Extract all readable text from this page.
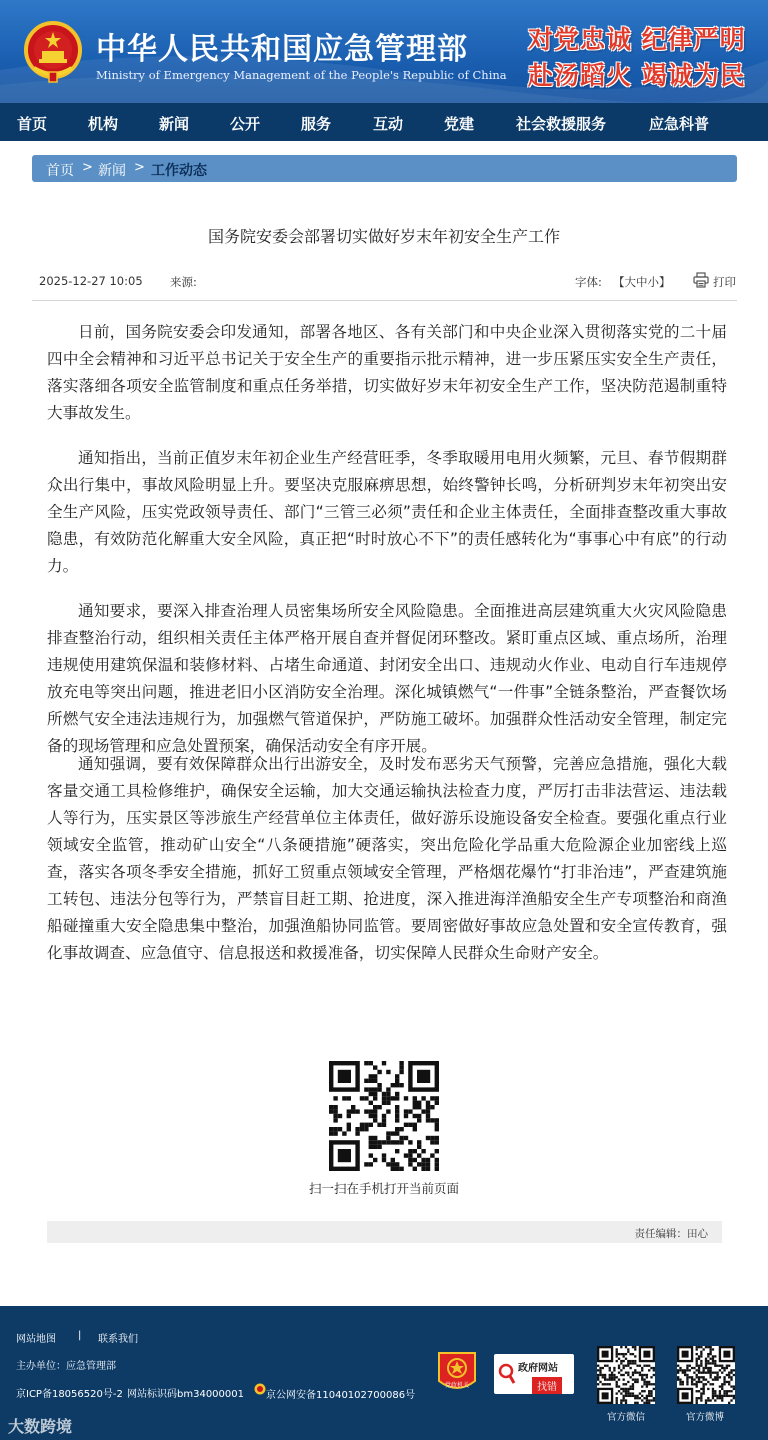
中华人民共和国应急管理部
Ministry of Emergency Management of the People's Republic of China
对党忠诚 纪律严明
赴汤蹈火 竭诚为民
首页	机构	新闻	公开	服务	互动	党建	社会救援服务	应急科普
首页 > 新闻 > 工作动态
国务院安委会部署切实做好岁末年初安全生产工作
2025-12-27 10:05 来源:	字体: 【大中小】	打印

日前，国务院安委会印发通知，部署各地区、各有关部门和中央企业深入贯彻落实党的二十届四中全会精神和习近平总书记关于安全生产的重要指示批示精神，进一步压紧压实安全生产责任，落实落细各项安全监管制度和重点任务举措，切实做好岁末年初安全生产工作，坚决防范遏制重特大事故发生。

通知指出，当前正值岁末年初企业生产经营旺季，冬季取暖用电用火频繁，元旦、春节假期群众出行集中，事故风险明显上升。要坚决克服麻痹思想，始终警钟长鸣，分析研判岁末年初突出安全生产风险，压实党政领导责任、部门“三管三必须”责任和企业主体责任，全面排查整改重大事故隐患，有效防范化解重大安全风险，真正把“时时放心不下”的责任感转化为“事事心中有底”的行动力。

通知要求，要深入排查治理人员密集场所安全风险隐患。全面推进高层建筑重大火灾风险隐患排查整治行动，组织相关责任主体严格开展自查并督促闭环整改。紧盯重点区域、重点场所，治理违规使用建筑保温和装修材料、占堵生命通道、封闭安全出口、违规动火作业、电动自行车违规停放充电等突出问题，推进老旧小区消防安全治理。深化城镇燃气“一件事”全链条整治，严查餐饮场所燃气安全违法违规行为，加强燃气管道保护，严防施工破坏。加强群众性活动安全管理，制定完备的现场管理和应急处置预案，确保活动安全有序开展。

通知强调，要有效保障群众出行出游安全，及时发布恶劣天气预警，完善应急措施，强化大载客量交通工具检修维护，确保安全运输，加大交通运输执法检查力度，严厉打击非法营运、违法载人等行为，压实景区等涉旅生产经营单位主体责任，做好游乐设施设备安全检查。要强化重点行业领域安全监管，推动矿山安全“八条硬措施”硬落实，突出危险化学品重大危险源企业加密线上巡查，落实各项冬季安全措施，抓好工贸重点领域安全管理，严格烟花爆竹“打非治违”，严查建筑施工转包、违法分包等行为，严禁盲目赶工期、抢进度，深入推进海洋渔船安全生产专项整治和商渔船碰撞重大安全隐患集中整治，加强渔船协同监管。要周密做好事故应急处置和安全宣传教育，强化事故调查、应急值守、信息报送和救援准备，切实保障人民群众生命财产安全。

扫一扫在手机打开当前页面
责任编辑：田心
网站地图 | 联系我们
主办单位：应急管理部
京ICP备18056520号-2 网站标识码bm34000001 京公网安备11040102700086号
党政机关
政府网站
找错
官方微信	官方微博
大数跨境
